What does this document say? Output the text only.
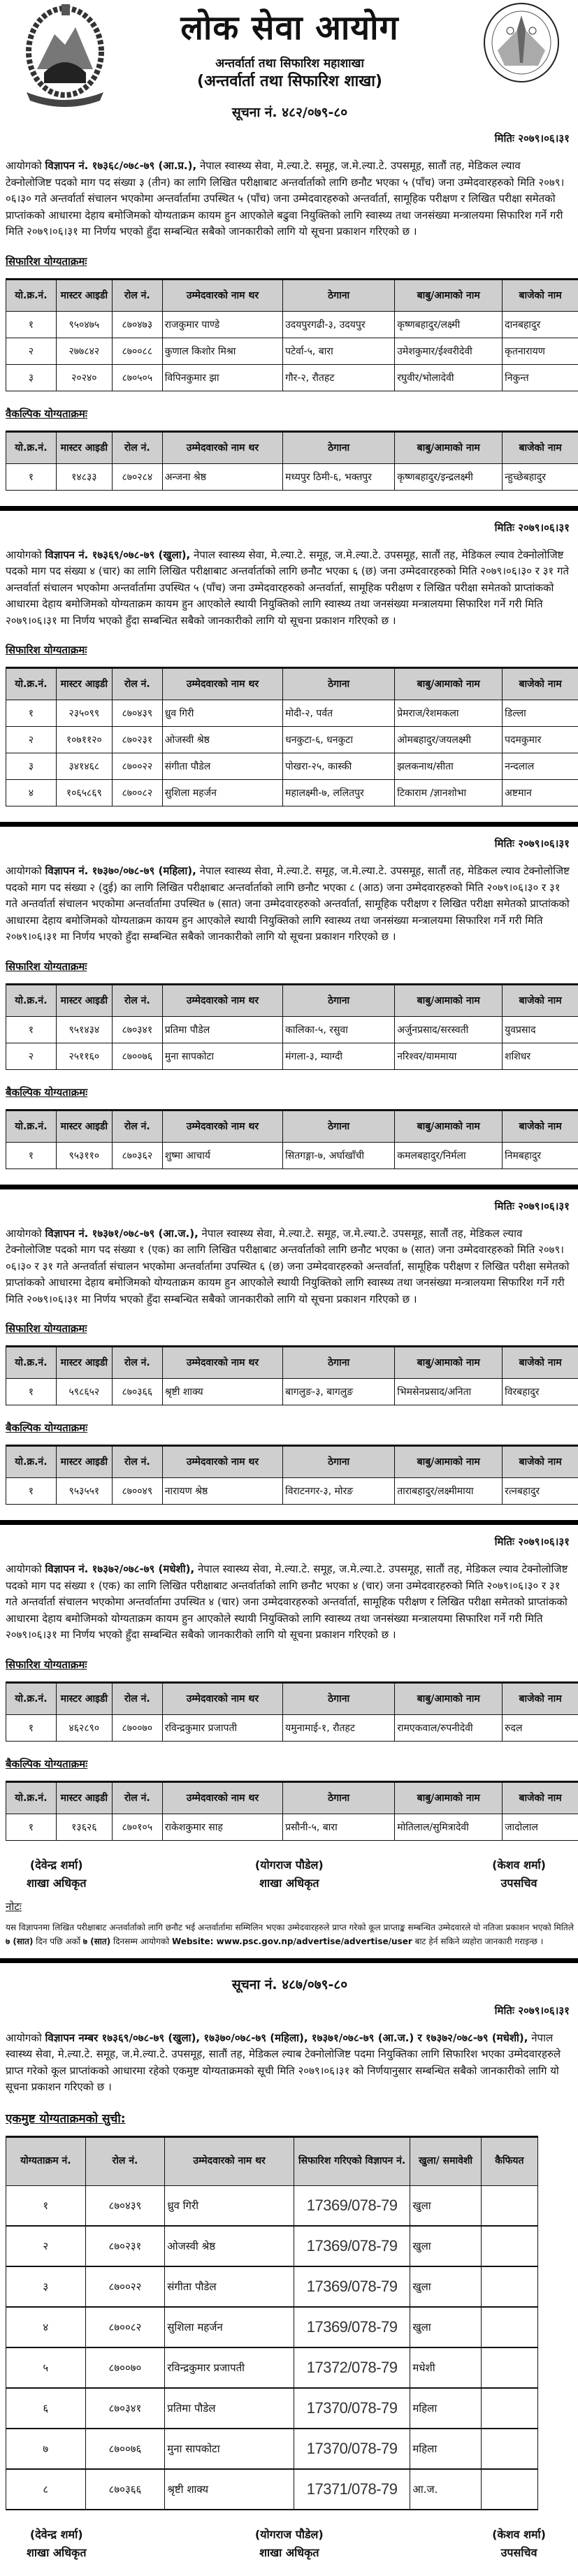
लोक सेवा आयोग
अन्तर्वार्ता तथा सिफारिश महाशाखा
(अन्तर्वार्ता तथा सिफारिश शाखा)
सूचना नं. ४८२/०७९-८०
मितिः २०७९।०६।३१

आयोगको विज्ञापन नं. १७३६८/०७८-७९ (आ.प्र.), नेपाल स्वास्थ्य सेवा, मे.ल्या.टे. समूह, ज.मे.ल्या.टे. उपसमूह, सातौं तह, मेडिकल ल्याव टेक्नोलोजिष्ट पदको माग पद संख्या ३ (तीन) का लागि लिखित परीक्षाबाट अन्तर्वार्ताको लागि छनौट भएका ५ (पाँच) जना उम्मेदवारहरुको मिति २०७९।०६।३० गते अन्तर्वार्ता संचालन भएकोमा अन्तर्वार्तामा उपस्थित ५ (पाँच) जना उम्मेदवारहरुको अन्तर्वार्ता, सामूहिक परीक्षण र लिखित परीक्षा समेतको प्राप्तांकको आधारमा देहाय बमोजिमको योग्यताक्रम कायम हुन आएकोले बढुवा नियुक्तिको लागि स्वास्थ्य तथा जनसंख्या मन्त्रालयमा सिफारिश गर्ने गरी मिति २०७९।०६।३१ मा निर्णय भएको हुँदा सम्बन्धित सबैको जानकारीको लागि यो सूचना प्रकाशन गरिएको छ ।

सिफारिश योग्यताक्रमः
यो.क्र.नं.	मास्टर आइडी	रोल नं.	उम्मेदवारको नाम थर	ठेगाना	बाबु/आमाको नाम	बाजेको नाम
१	९५०४७५	८७०४७३	राजकुमार पाण्डे	उदयपुरगढी-३, उदयपुर	कृष्णबहादुर/लक्ष्मी	दानबहादुर
२	२७७८४२	८७००८८	कुणाल किशोर मिश्रा	पटेर्वा-५, बारा	उमेशकुमार/ईश्वरीदेवी	कृतनारायण
३	२०२४०	८७०५०५	विपिनकुमार झा	गौर-२, रौतहट	रघुवीर/भोलादेवी	निकुन्त
वैकल्पिक योग्यताक्रमः
यो.क्र.नं.	मास्टर आइडी	रोल नं.	उम्मेदवारको नाम थर	ठेगाना	बाबु/आमाको नाम	बाजेको नाम
१	१४८३३	८७०२८४	अन्जना श्रेष्ठ	मध्यपुर ठिमी-६, भक्तपुर	कृष्णबहादुर/इन्द्रलक्ष्मी	न्हुच्छेबहादुर
मितिः २०७९।०६।३१

आयोगको विज्ञापन नं. १७३६९/०७८-७९ (खुला), नेपाल स्वास्थ्य सेवा, मे.ल्या.टे. समूह, ज.मे.ल्या.टे. उपसमूह, सातौं तह, मेडिकल ल्याव टेक्नोलोजिष्ट पदको माग पद संख्या ४ (चार) का लागि लिखित परीक्षाबाट अन्तर्वार्ताको लागि छनौट भएका ६ (छ) जना उम्मेदवारहरुको मिति २०७९।०६।३० र ३१ गते अन्तर्वार्ता संचालन भएकोमा अन्तर्वार्तामा उपस्थित ५ (पाँच) जना उम्मेदवारहरुको अन्तर्वार्ता, सामूहिक परीक्षण र लिखित परीक्षा समेतको प्राप्तांकको आधारमा देहाय बमोजिमको योग्यताक्रम कायम हुन आएकोले स्थायी नियुक्तिको लागि स्वास्थ्य तथा जनसंख्या मन्त्रालयमा सिफारिश गर्ने गरी मिति २०७९।०६।३१ मा निर्णय भएको हुँदा सम्बन्धित सबैको जानकारीको लागि यो सूचना प्रकाशन गरिएको छ ।

सिफारिश योग्यताक्रमः
यो.क्र.नं.	मास्टर आइडी	रोल नं.	उम्मेदवारको नाम थर	ठेगाना	बाबु/आमाको नाम	बाजेको नाम
१	२३५०९९	८७०४३९	ध्रुव गिरी	मोदी-२, पर्वत	प्रेमराज/रेशमकला	डिल्ला
२	१०७११२०	८७०२३१	ओजस्वी श्रेष्ठ	धनकुटा-६, धनकुटा	ओमबहादुर/जयलक्ष्मी	पदमकुमार
३	३४१४६८	८७००२२	संगीता पौडेल	पोखरा-२५, कास्की	झलकनाथ/सीता	नन्दलाल
४	१०६५८६९	८७००८२	सुशिला महर्जन	महालक्ष्मी-७, ललितपुर	टिकाराम /ज्ञानशोभा	अष्टमान
मितिः २०७९।०६।३१

आयोगको विज्ञापन नं. १७३७०/०७८-७९ (महिला), नेपाल स्वास्थ्य सेवा, मे.ल्या.टे. समूह, ज.मे.ल्या.टे. उपसमूह, सातौं तह, मेडिकल ल्याव टेक्नोलोजिष्ट पदको माग पद संख्या २ (दुई) का लागि लिखित परीक्षाबाट अन्तर्वार्ताको लागि छनौट भएका ८ (आठ) जना उम्मेदवारहरुको मिति २०७९।०६।३० र ३१ गते अन्तर्वार्ता संचालन भएकोमा अन्तर्वार्तामा उपस्थित ७ (सात) जना उम्मेदवारहरुको अन्तर्वार्ता, सामूहिक परीक्षण र लिखित परीक्षा समेतको प्राप्तांकको आधारमा देहाय बमोजिमको योग्यताक्रम कायम हुन आएकोले स्थायी नियुक्तिको लागि स्वास्थ्य तथा जनसंख्या मन्त्रालयमा सिफारिश गर्ने गरी मिति २०७९।०६।३१ मा निर्णय भएको हुँदा सम्बन्धित सबैको जानकारीको लागि यो सूचना प्रकाशन गरिएको छ ।

सिफारिश योग्यताक्रमः
यो.क्र.नं.	मास्टर आइडी	रोल नं.	उम्मेदवारको नाम थर	ठेगाना	बाबु/आमाको नाम	बाजेको नाम
१	९५१४३४	८७०३४१	प्रतिमा पौडेल	कालिका-५, रसुवा	अर्जुनप्रसाद/सरस्वती	युवप्रसाद
२	२५११६०	८७००७६	मुना सापकोटा	मंगला-३, म्याग्दी	नरिश्वर/याममाया	शशिधर
बैकल्पिक योग्यताक्रमः
यो.क्र.नं.	मास्टर आइडी	रोल नं.	उम्मेदवारको नाम थर	ठेगाना	बाबु/आमाको नाम	बाजेको नाम
१	९५३११०	८७०३६२	शुष्मा आचार्य	सितगङ्गा-७, अर्घाखाँची	कमलबहादुर/निर्मला	निमबहादुर
मितिः २०७९।०६।३१

आयोगको विज्ञापन नं. १७३७१/०७८-७९ (आ.ज.), नेपाल स्वास्थ्य सेवा, मे.ल्या.टे. समूह, ज.मे.ल्या.टे. उपसमूह, सातौं तह, मेडिकल ल्याव टेक्नोलोजिष्ट पदको माग पद संख्या १ (एक) का लागि लिखित परीक्षाबाट अन्तर्वार्ताको लागि छनौट भएका ७ (सात) जना उम्मेदवारहरुको मिति २०७९।०६।३० र ३१ गते अन्तर्वार्ता संचालन भएकोमा अन्तर्वार्तामा उपस्थित ६ (छ) जना उम्मेदवारहरुको अन्तर्वार्ता, सामूहिक परीक्षण र लिखित परीक्षा समेतको प्राप्तांकको आधारमा देहाय बमोजिमको योग्यताक्रम कायम हुन आएकोले स्थायी नियुक्तिको लागि स्वास्थ्य तथा जनसंख्या मन्त्रालयमा सिफारिश गर्ने गरी मिति २०७९।०६।३१ मा निर्णय भएको हुँदा सम्बन्धित सबैको जानकारीको लागि यो सूचना प्रकाशन गरिएको छ ।

सिफारिश योग्यताक्रमः
यो.क्र.नं.	मास्टर आइडी	रोल नं.	उम्मेदवारको नाम थर	ठेगाना	बाबु/आमाको नाम	बाजेको नाम
१	५९८६५२	८७०३६६	श्रृष्टी शाक्य	बागलुङ-३, बागलुङ	भिमसेनप्रसाद/अनिता	विरबहादुर
बैकल्पिक योग्यताक्रमः
यो.क्र.नं.	मास्टर आइडी	रोल नं.	उम्मेदवारको नाम थर	ठेगाना	बाबु/आमाको नाम	बाजेको नाम
१	९५३५५१	८७००४९	नारायण श्रेष्ठ	विराटनगर-३, मोरङ	ताराबहादुर/लक्ष्मीमाया	रत्नबहादुर
मितिः २०७९।०६।३१

आयोगको विज्ञापन नं. १७३७२/०७८-७९ (मधेशी), नेपाल स्वास्थ्य सेवा, मे.ल्या.टे. समूह, ज.मे.ल्या.टे. उपसमूह, सातौं तह, मेडिकल ल्याव टेक्नोलोजिष्ट पदको माग पद संख्या १ (एक) का लागि लिखित परीक्षाबाट अन्तर्वार्ताको लागि छनौट भएका ४ (चार) जना उम्मेदवारहरुको मिति २०७९।०६।३० र ३१ गते अन्तर्वार्ता संचालन भएकोमा अन्तर्वार्तामा उपस्थित ४ (चार) जना उम्मेदवारहरुको अन्तर्वार्ता, सामूहिक परीक्षण र लिखित परीक्षा समेतको प्राप्तांकको आधारमा देहाय बमोजिमको योग्यताक्रम कायम हुन आएकोले स्थायी नियुक्तिको लागि स्वास्थ्य तथा जनसंख्या मन्त्रालयमा सिफारिश गर्ने गरी मिति २०७९।०६।३१ मा निर्णय भएको हुँदा सम्बन्धित सबैको जानकारीको लागि यो सूचना प्रकाशन गरिएको छ ।

सिफारिश योग्यताक्रमः
यो.क्र.नं.	मास्टर आइडी	रोल नं.	उम्मेदवारको नाम थर	ठेगाना	बाबु/आमाको नाम	बाजेको नाम
१	४६२८९०	८७००७०	रविन्द्रकुमार प्रजापती	यमुनामाई-१, रौतहट	रामएकवाल/रुपनीदेवी	रुदल
बैकल्पिक योग्यताक्रमः
यो.क्र.नं.	मास्टर आइडी	रोल नं.	उम्मेदवारको नाम थर	ठेगाना	बाबु/आमाको नाम	बाजेको नाम
१	१३६२६	८७०१०५	राकेशकुमार साह	प्रसौनी-५, बारा	मोतिलाल/सुमित्रादेवी	जादोलाल
(देवेन्द्र शर्मा)
शाखा अधिकृत
(योगराज पौडेल)
शाखा अधिकृत
(केशव शर्मा)
उपसचिव
नोटः
यस विज्ञापनमा लिखित परीक्षाबाट अन्तर्वार्ताको लागि छनौट भई अन्तर्वार्तामा सम्मिलिन भएका उम्मेदवारहरुले प्राप्त गरेको कूल प्राप्ताङ्क सम्बन्धित उम्मेदवारले यो नतिजा प्रकाशन भएको मितिले ७ (सात) दिन पछि अर्को ७ (सात) दिनसम्म आयोगको Website: www.psc.gov.np/advertise/advertise/user बाट हेर्न सकिने व्यहोरा जानकारी गराइन्छ ।
सूचना नं. ४८७/०७९-८०
मितिः २०७९।०६।३१

आयोगको विज्ञापन नम्बर १७३६९/०७८-७९ (खुला), १७३७०/०७८-७९ (महिला), १७३७१/०७८-७९ (आ.ज.) र १७३७२/०७८-७९ (मधेशी), नेपाल स्वास्थ्य सेवा, मे.ल्या.टे. समूह, ज.मे.ल्या.टे. उपसमूह, सातौं तह, मेडिकल ल्याब टेक्नोलोजिष्ट पदमा नियुक्तिका लागि सिफारिश भएका उम्मेदवारहरुले प्राप्त गरेको कूल प्राप्तांकको आधारमा रहेको एकमुष्ट योग्यताक्रमको सूची मिति २०७९।०६।३१ को निर्णयानुसार सम्बन्धित सबैको जानकारीको लागि यो सूचना प्रकाशन गरिएको छ ।

एकमुष्ट योग्यताक्रमको सुची:
योग्यताक्रम नं.	रोल नं.	उम्मेदवारको नाम थर	सिफारिश गरिएको विज्ञापन नं.	खुला/ समावेशी	कैफियत
१	८७०४३९	ध्रुव गिरी	17369/078-79	खुला	
२	८७०२३१	ओजस्वी श्रेष्ठ	17369/078-79	खुला	
३	८७००२२	संगीता पौडेल	17369/078-79	खुला	
४	८७००८२	सुशिला महर्जन	17369/078-79	खुला	
५	८७००७०	रविन्द्रकुमार प्रजापती	17372/078-79	मधेशी	
६	८७०३४१	प्रतिमा पौडेल	17370/078-79	महिला	
७	८७००७६	मुना सापकोटा	17370/078-79	महिला	
८	८७०३६६	श्रृष्टी शाक्य	17371/078-79	आ.ज.	
(देवेन्द्र शर्मा)
शाखा अधिकृत
(योगराज पौडेल)
शाखा अधिकृत
(केशव शर्मा)
उपसचिव
